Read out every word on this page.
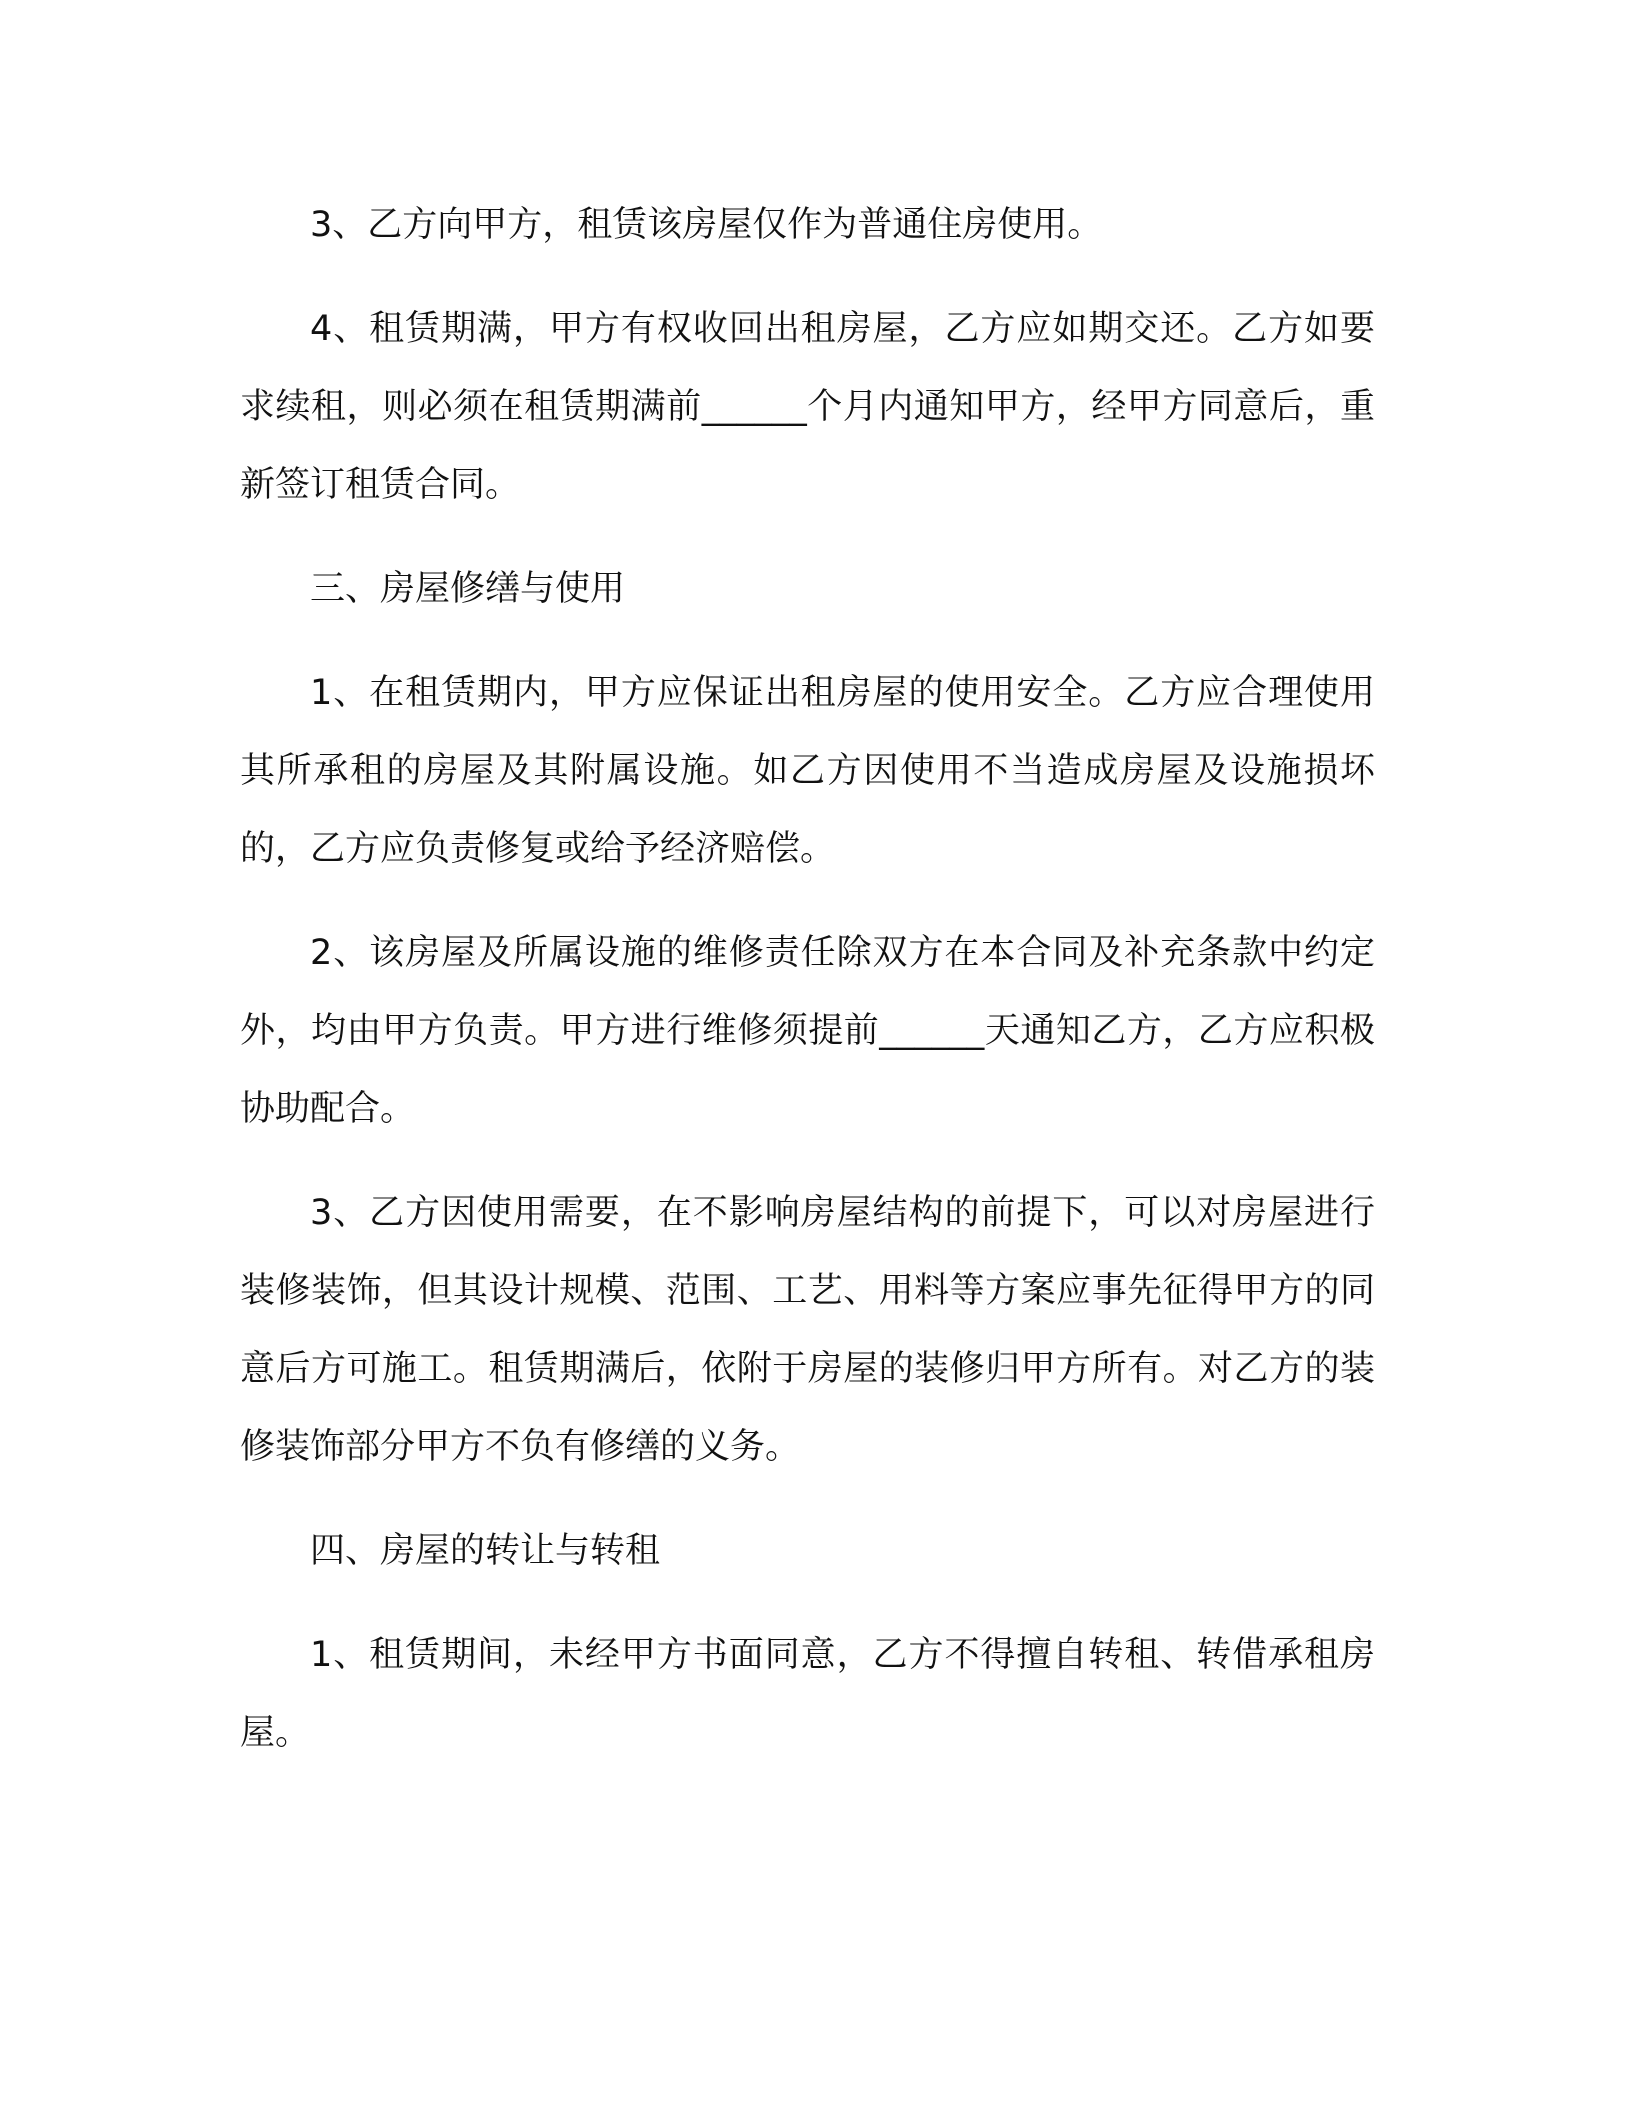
3、乙方向甲方，租赁该房屋仅作为普通住房使用。

4、租赁期满，甲方有权收回出租房屋，乙方应如期交还。乙方如要求续租，则必须在租赁期满前______个月内通知甲方，经甲方同意后，重新签订租赁合同。

三、房屋修缮与使用

1、在租赁期内，甲方应保证出租房屋的使用安全。乙方应合理使用其所承租的房屋及其附属设施。如乙方因使用不当造成房屋及设施损坏的，乙方应负责修复或给予经济赔偿。

2、该房屋及所属设施的维修责任除双方在本合同及补充条款中约定外，均由甲方负责。甲方进行维修须提前______天通知乙方，乙方应积极协助配合。

3、乙方因使用需要，在不影响房屋结构的前提下，可以对房屋进行装修装饰，但其设计规模、范围、工艺、用料等方案应事先征得甲方的同意后方可施工。租赁期满后，依附于房屋的装修归甲方所有。对乙方的装修装饰部分甲方不负有修缮的义务。

四、房屋的转让与转租

1、租赁期间，未经甲方书面同意，乙方不得擅自转租、转借承租房屋。
